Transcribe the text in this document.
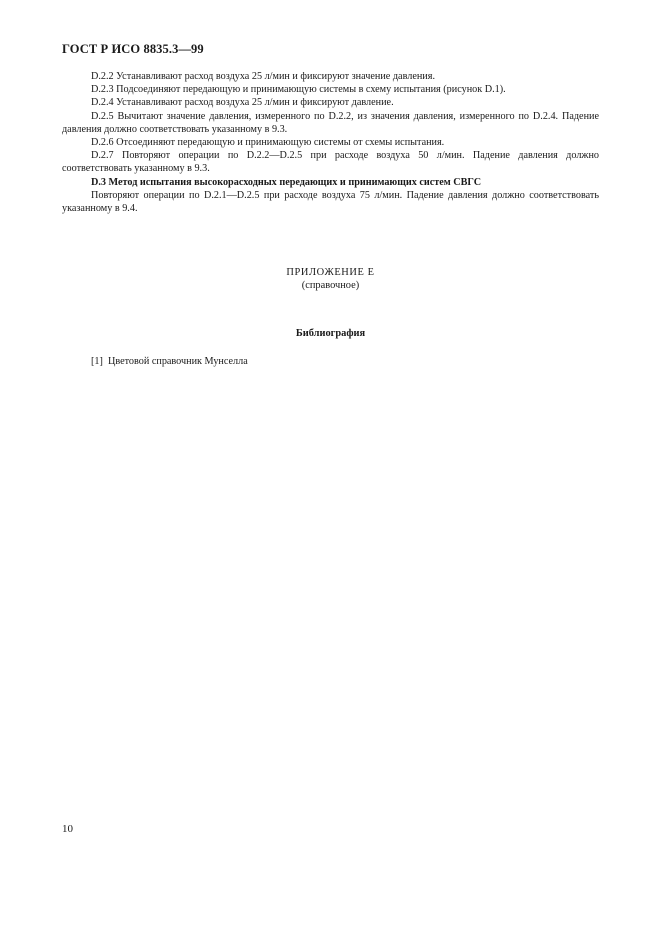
ГОСТ Р ИСО 8835.3—99

D.2.2 Устанавливают расход воздуха 25 л/мин и фиксируют значение давления.

D.2.3 Подсоединяют передающую и принимающую системы в схему испытания (рисунок D.1).

D.2.4 Устанавливают расход воздуха 25 л/мин и фиксируют давление.

D.2.5 Вычитают значение давления, измеренного по D.2.2, из значения давления, измеренного по D.2.4. Падение давления должно соответствовать указанному в 9.3.

D.2.6 Отсоединяют передающую и принимающую системы от схемы испытания.

D.2.7 Повторяют операции по D.2.2—D.2.5 при расходе воздуха 50 л/мин. Падение давления должно соответствовать указанному в 9.3.

D.3 Метод испытания высокорасходных передающих и принимающих систем СВГС

Повторяют операции по D.2.1—D.2.5 при расходе воздуха 75 л/мин. Падение давления должно соответствовать указанному в 9.4.

ПРИЛОЖЕНИЕ Е
(справочное)
Библиография
[1]  Цветовой справочник Мунселла
10
